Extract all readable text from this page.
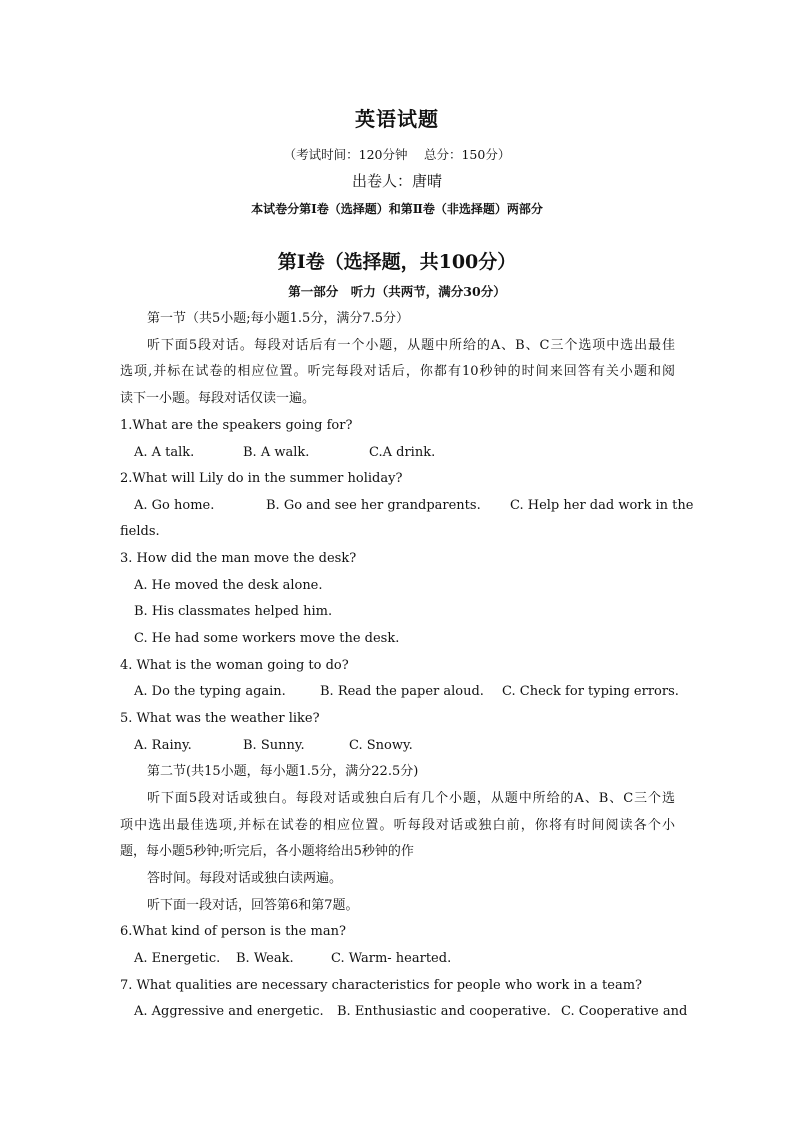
英语试题
（考试时间：120分钟　 总分：150分）
出卷人：唐晴
本试卷分第Ⅰ卷（选择题）和第Ⅱ卷（非选择题）两部分
第Ⅰ卷（选择题，共100分）
第一部分　听力（共两节，满分30分）
第一节（共5小题;每小题1.5分，满分7.5分）
听下面5段对话。每段对话后有一个小题，从题中所给的A、B、C三个选项中选出最佳
选项,并标在试卷的相应位置。听完每段对话后，你都有10秒钟的时间来回答有关小题和阅
读下一小题。每段对话仅读一遍。
1.What are the speakers going for?
A. A talk.	B. A walk.	C.A drink.
2.What will Lily do in the summer holiday?
A. Go home.	B. Go and see her grandparents. C. Help her dad work in the
fields.
3. How did the man move the desk?
A. He moved the desk alone.
B. His classmates helped him.
C. He had some workers move the desk.
4. What is the woman going to do?
A. Do the typing again.	B. Read the paper aloud. C. Check for typing errors.
5. What was the weather like?
A. Rainy.	B. Sunny.	C. Snowy.
第二节(共15小题，每小题1.5分，满分22.5分)
听下面5段对话或独白。每段对话或独白后有几个小题，从题中所给的A、B、C三个选
项中选出最佳选项,并标在试卷的相应位置。听每段对话或独白前，你将有时间阅读各个小
题，每小题5秒钟;听完后，各小题将给出5秒钟的作
答时间。每段对话或独白读两遍。
听下面一段对话，回答第6和第7题。
6.What kind of person is the man?
A. Energetic. B. Weak.	C. Warm- hearted.
7. What qualities are necessary characteristics for people who work in a team?
A. Aggressive and energetic. B. Enthusiastic and cooperative. C. Cooperative and
